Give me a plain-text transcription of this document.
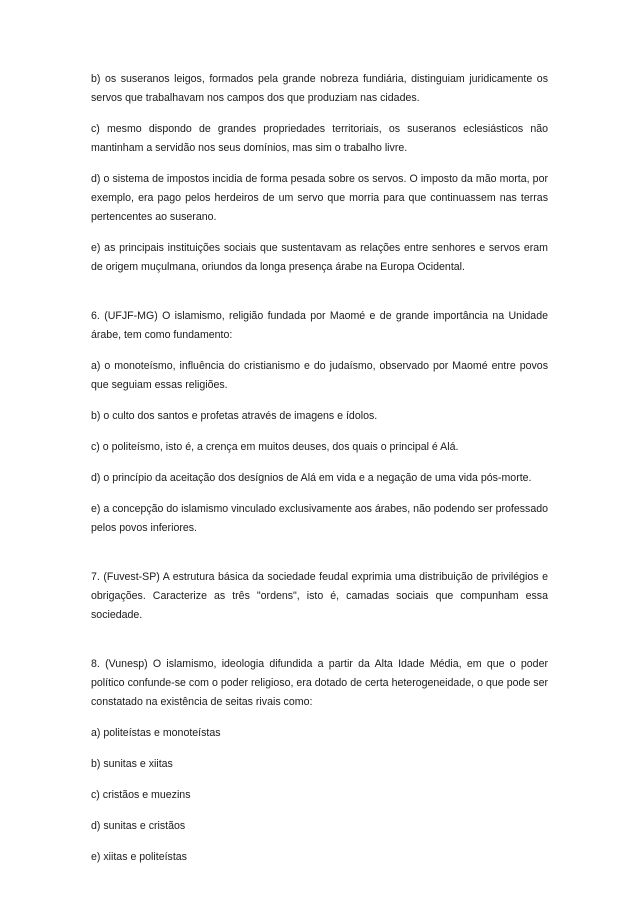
b) os suseranos leigos, formados pela grande nobreza fundiária, distinguiam juridicamente os servos que trabalhavam nos campos dos que produziam nas cidades.

c) mesmo dispondo de grandes propriedades territoriais, os suseranos eclesiásticos não mantinham a servidão nos seus domínios, mas sim o trabalho livre.

d) o sistema de impostos incidia de forma pesada sobre os servos. O imposto da mão morta, por exemplo, era pago pelos herdeiros de um servo que morria para que continuassem nas terras pertencentes ao suserano.

e) as principais instituições sociais que sustentavam as relações entre senhores e servos eram de origem muçulmana, oriundos da longa presença árabe na Europa Ocidental.

6. (UFJF-MG) O islamismo, religião fundada por Maomé e de grande importância na Unidade árabe, tem como fundamento:

a) o monoteísmo, influência do cristianismo e do judaísmo, observado por Maomé entre povos que seguiam essas religiões.

b) o culto dos santos e profetas através de imagens e ídolos.

c) o politeísmo, isto é, a crença em muitos deuses, dos quais o principal é Alá.

d) o princípio da aceitação dos desígnios de Alá em vida e a negação de uma vida pós-morte.

e) a concepção do islamismo vinculado exclusivamente aos árabes, não podendo ser professado pelos povos inferiores.

7. (Fuvest-SP) A estrutura básica da sociedade feudal exprimia uma distribuição de privilégios e obrigações. Caracterize as três "ordens", isto é, camadas sociais que compunham essa sociedade.

8. (Vunesp) O islamismo, ideologia difundida a partir da Alta Idade Média, em que o poder político confunde-se com o poder religioso, era dotado de certa heterogeneidade, o que pode ser constatado na existência de seitas rivais como:

a) politeístas e monoteístas

b) sunitas e xiitas

c) cristãos e muezins

d) sunitas e cristãos

e) xiitas e politeístas
